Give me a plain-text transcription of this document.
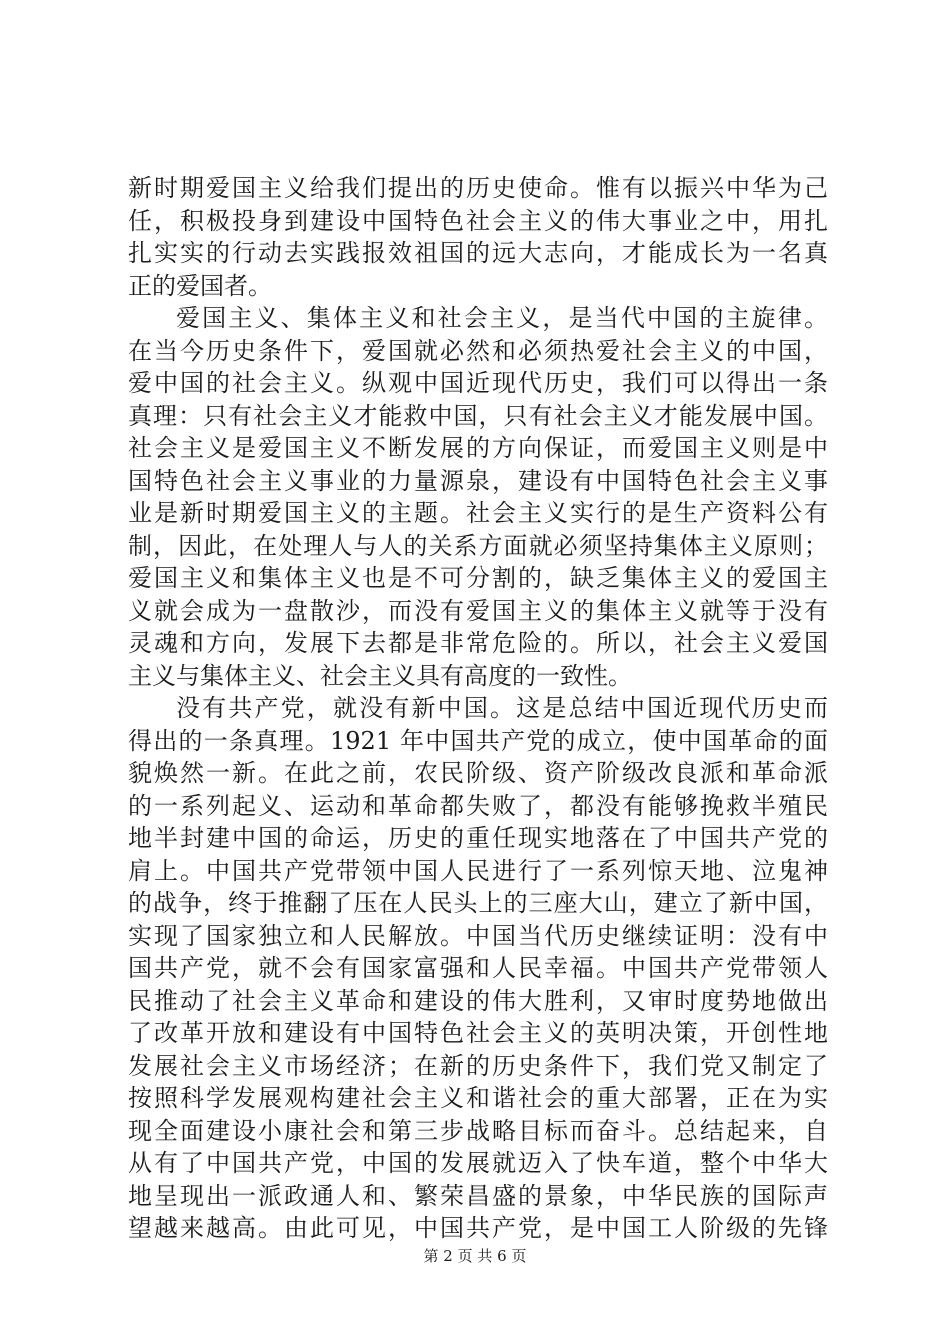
新时期爱国主义给我们提出的历史使命。惟有以振兴中华为己
任，积极投身到建设中国特色社会主义的伟大事业之中，用扎
扎实实的行动去实践报效祖国的远大志向，才能成长为一名真
正的爱国者。
爱国主义、集体主义和社会主义，是当代中国的主旋律。
在当今历史条件下，爱国就必然和必须热爱社会主义的中国，
爱中国的社会主义。纵观中国近现代历史，我们可以得出一条
真理：只有社会主义才能救中国，只有社会主义才能发展中国。
社会主义是爱国主义不断发展的方向保证，而爱国主义则是中
国特色社会主义事业的力量源泉，建设有中国特色社会主义事
业是新时期爱国主义的主题。社会主义实行的是生产资料公有
制，因此，在处理人与人的关系方面就必须坚持集体主义原则；
爱国主义和集体主义也是不可分割的，缺乏集体主义的爱国主
义就会成为一盘散沙，而没有爱国主义的集体主义就等于没有
灵魂和方向，发展下去都是非常危险的。所以，社会主义爱国
主义与集体主义、社会主义具有高度的一致性。
没有共产党，就没有新中国。这是总结中国近现代历史而
得出的一条真理。1921 年中国共产党的成立，使中国革命的面
貌焕然一新。在此之前，农民阶级、资产阶级改良派和革命派
的一系列起义、运动和革命都失败了，都没有能够挽救半殖民
地半封建中国的命运，历史的重任现实地落在了中国共产党的
肩上。中国共产党带领中国人民进行了一系列惊天地、泣鬼神
的战争，终于推翻了压在人民头上的三座大山，建立了新中国，
实现了国家独立和人民解放。中国当代历史继续证明：没有中
国共产党，就不会有国家富强和人民幸福。中国共产党带领人
民推动了社会主义革命和建设的伟大胜利，又审时度势地做出
了改革开放和建设有中国特色社会主义的英明决策，开创性地
发展社会主义市场经济；在新的历史条件下，我们党又制定了
按照科学发展观构建社会主义和谐社会的重大部署，正在为实
现全面建设小康社会和第三步战略目标而奋斗。总结起来，自
从有了中国共产党，中国的发展就迈入了快车道，整个中华大
地呈现出一派政通人和、繁荣昌盛的景象，中华民族的国际声
望越来越高。由此可见，中国共产党，是中国工人阶级的先锋
第 2 页 共 6 页
